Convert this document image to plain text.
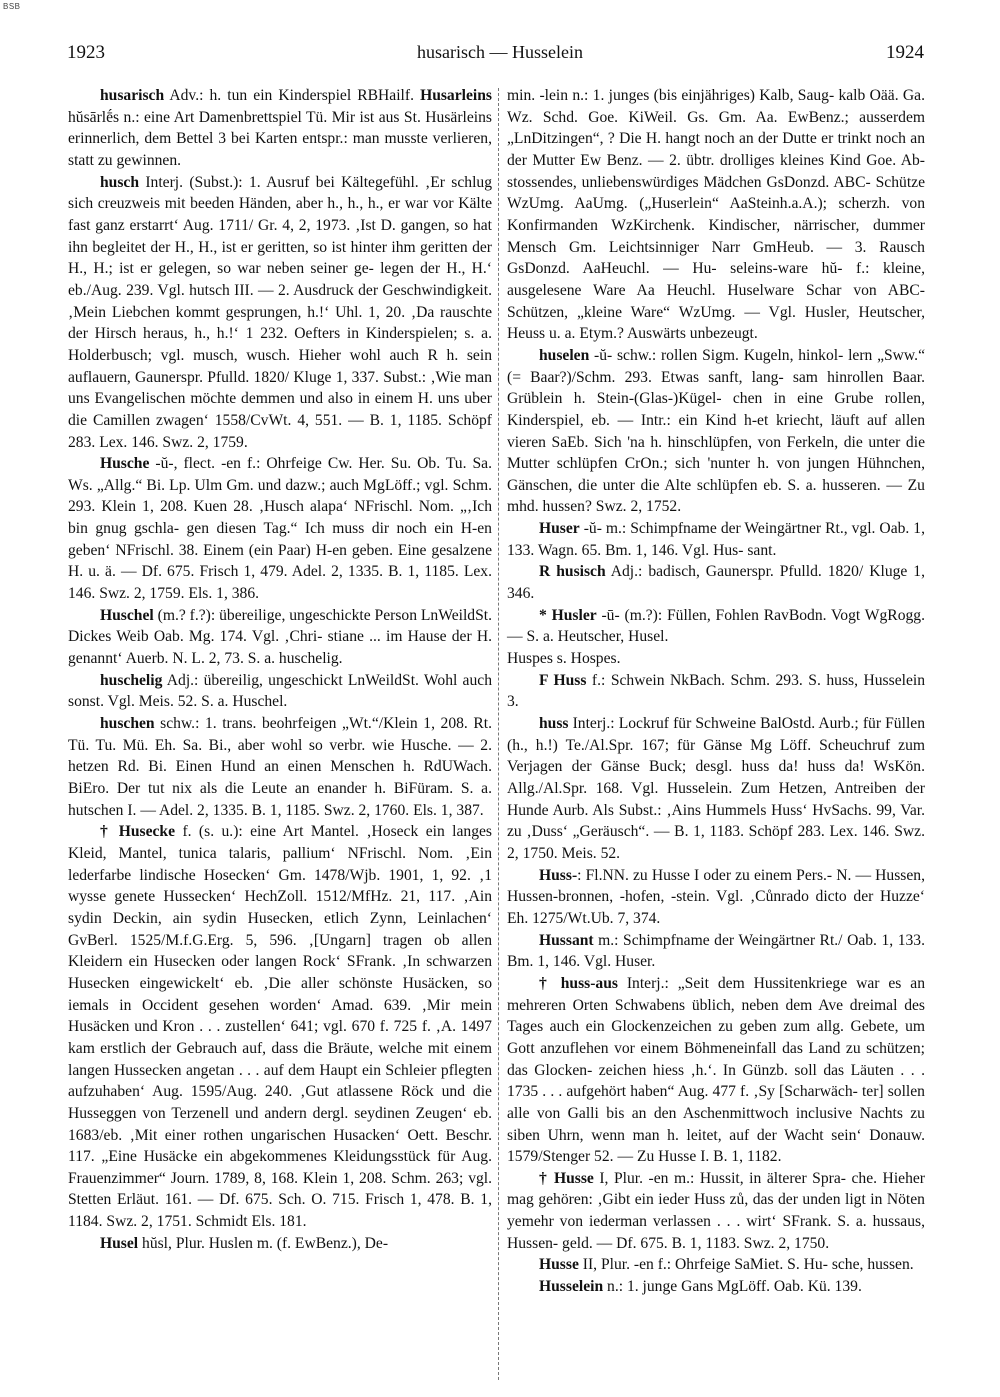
BSB
1923	husarisch — Husselein	1924

husarisch Adv.: h. tun ein Kinderspiel RBHailf. Husarleins hŭsārlḗs n.: eine Art Damenbrettspiel Tü. Mir ist aus St. Husärleins erinnerlich, dem Bettel 3 bei Karten entspr.: man musste verlieren, statt zu gewinnen.

husch Interj. (Subst.): 1. Ausruf bei Kältegefühl. ‚Er schlug sich creuzweis mit beeden Händen, aber h., h., h., er war vor Kälte fast ganz erstarrt‘ Aug. 1711/ Gr. 4, 2, 1973. ‚Ist D. gangen, so hat ihn begleitet der H., H., ist er geritten, so ist hinter ihm geritten der H., H.; ist er gelegen, so war neben seiner ge- legen der H., H.‘ eb./Aug. 239. Vgl. hutsch III. — 2. Ausdruck der Geschwindigkeit. ‚Mein Liebchen kommt gesprungen, h.!‘ Uhl. 1, 20. ‚Da rauschte der Hirsch heraus, h., h.!‘ 1 232. Oefters in Kinderspielen; s. a. Holderbusch; vgl. musch, wusch. Hieher wohl auch R h. sein auflauern, Gaunerspr. Pfulld. 1820/ Kluge 1, 337. Subst.: ‚Wie man uns Evangelischen möchte demmen und also in einem H. uns uber die Camillen zwagen‘ 1558/CvWt. 4, 551. — B. 1, 1185. Schöpf 283. Lex. 146. Swz. 2, 1759.

Husche -ŭ-, flect. -en f.: Ohrfeige Cw. Her. Su. Ob. Tu. Sa. Ws. „Allg.“ Bi. Lp. Ulm Gm. und dazw.; auch MgLöff.; vgl. Schm. 293. Klein 1, 208. Kuen 28. ‚Husch alapa‘ NFrischl. Nom. „‚Ich bin gnug gschla- gen diesen Tag.“ Ich muss dir noch ein H-en geben‘ NFrischl. 38. Einem (ein Paar) H-en geben. Eine gesalzene H. u. ä. — Df. 675. Frisch 1, 479. Adel. 2, 1335. B. 1, 1185. Lex. 146. Swz. 2, 1759. Els. 1, 386.

Huschel (m.? f.?): übereilige, ungeschickte Person LnWeildSt. Dickes Weib Oab. Mg. 174. Vgl. ‚Chri- stiane ... im Hause der H. genannt‘ Auerb. N. L. 2, 73. S. a. huschelig.

huschelig Adj.: übereilig, ungeschickt LnWeildSt. Wohl auch sonst. Vgl. Meis. 52. S. a. Huschel.

huschen schw.: 1. trans. beohrfeigen „Wt.“/Klein 1, 208. Rt. Tü. Tu. Mü. Eh. Sa. Bi., aber wohl so verbr. wie Husche. — 2. hetzen Rd. Bi. Einen Hund an einen Menschen h. RdUWach. BiEro. Der tut nix als die Leute an enander h. BiFüram. S. a. hutschen I. — Adel. 2, 1335. B. 1, 1185. Swz. 2, 1760. Els. 1, 387.

† Husecke f. (s. u.): eine Art Mantel. ‚Hoseck ein langes Kleid, Mantel, tunica talaris, pallium‘ NFrischl. Nom. ‚Ein lederfarbe lindische Hosecken‘ Gm. 1478/Wjb. 1901, 1, 92. ‚1 wysse genete Hussecken‘ HechZoll. 1512/MfHz. 21, 117. ‚Ain sydin Deckin, ain sydin Husecken, etlich Zynn, Leinlachen‘ GvBerl. 1525/M.f.G.Erg. 5, 596. ‚[Ungarn] tragen ob allen Kleidern ein Husecken oder langen Rock‘ SFrank. ‚In schwarzen Husecken eingewickelt‘ eb. ‚Die aller schönste Husäcken, so iemals in Occident gesehen worden‘ Amad. 639. ‚Mir mein Husäcken und Kron . . . zustellen‘ 641; vgl. 670 f. 725 f. ‚A. 1497 kam erstlich der Gebrauch auf, dass die Bräute, welche mit einem langen Hussecken angetan . . . auf dem Haupt ein Schleier pflegten aufzuhaben‘ Aug. 1595/Aug. 240. ‚Gut atlassene Röck und die Husseggen von Terzenell und andern dergl. seydinen Zeugen‘ eb. 1683/eb. ‚Mit einer rothen ungarischen Husacken‘ Oett. Beschr. 117. „Eine Husäcke ein abgekommenes Kleidungsstück für Aug. Frauenzimmer“ Journ. 1789, 8, 168. Klein 1, 208. Schm. 263; vgl. Stetten Erläut. 161. — Df. 675. Sch. O. 715. Frisch 1, 478. B. 1, 1184. Swz. 2, 1751. Schmidt Els. 181.

Husel hŭsl, Plur. Huslen m. (f. EwBenz.), De-

min. -lein n.: 1. junges (bis einjähriges) Kalb, Saug- kalb Oää. Ga. Wz. Schd. Goe. KiWeil. Gs. Gm. Aa. EwBenz.; ausserdem „LnDitzingen“, ? Die H. hangt noch an der Dutte er trinkt noch an der Mutter Ew Benz. — 2. übtr. drolliges kleines Kind Goe. Ab- stossendes, unliebenswürdiges Mädchen GsDonzd. ABC- Schütze WzUmg. AaUmg. („Huserlein“ AaSteinh.a.A.); scherzh. von Konfirmanden WzKirchenk. Kindischer, närrischer, dummer Mensch Gm. Leichtsinniger Narr GmHeub. — 3. Rausch GsDonzd. AaHeuchl. — Hu- seleins-ware hŭ- f.: kleine, ausgelesene Ware Aa Heuchl. Huselware Schar von ABC-Schützen, „kleine Ware“ WzUmg. — Vgl. Husler, Heutscher, Heuss u. a. Etym.? Auswärts unbezeugt.

huselen -ŭ- schw.: rollen Sigm. Kugeln, hinkol- lern „Sww.“ (= Baar?)/Schm. 293. Etwas sanft, lang- sam hinrollen Baar. Grüblein h. Stein-(Glas-)Kügel- chen in eine Grube rollen, Kinderspiel, eb. — Intr.: ein Kind h-et kriecht, läuft auf allen vieren SaEb. Sich 'na h. hinschlüpfen, von Ferkeln, die unter die Mutter schlüpfen CrOn.; sich 'nunter h. von jungen Hühnchen, Gänschen, die unter die Alte schlüpfen eb. S. a. husseren. — Zu mhd. hussen? Swz. 2, 1752.

Huser -ŭ- m.: Schimpfname der Weingärtner Rt., vgl. Oab. 1, 133. Wagn. 65. Bm. 1, 146. Vgl. Hus- sant.

R husisch Adj.: badisch, Gaunerspr. Pfulld. 1820/ Kluge 1, 346.

* Husler -ū- (m.?): Füllen, Fohlen RavBodn. Vogt WgRogg. — S. a. Heutscher, Husel.

Huspes s. Hospes.

F Huss f.: Schwein NkBach. Schm. 293. S. huss, Husselein 3.

huss Interj.: Lockruf für Schweine BalOstd. Aurb.; für Füllen (h., h.!) Te./Al.Spr. 167; für Gänse Mg Löff. Scheuchruf zum Verjagen der Gänse Buck; desgl. huss da! huss da! WsKön. Allg./Al.Spr. 168. Vgl. Husselein. Zum Hetzen, Antreiben der Hunde Aurb. Als Subst.: ‚Ains Hummels Huss‘ HvSachs. 99, Var. zu ‚Duss‘ „Geräusch“. — B. 1, 1183. Schöpf 283. Lex. 146. Swz. 2, 1750. Meis. 52.

Huss-: Fl.NN. zu Husse I oder zu einem Pers.- N. — Hussen, Hussen-bronnen, -hofen, -stein. Vgl. ‚Cůnrado dicto der Huzze‘ Eh. 1275/Wt.Ub. 7, 374.

Hussant m.: Schimpfname der Weingärtner Rt./ Oab. 1, 133. Bm. 1, 146. Vgl. Huser.

† huss-aus Interj.: „Seit dem Hussitenkriege war es an mehreren Orten Schwabens üblich, neben dem Ave dreimal des Tages auch ein Glockenzeichen zu geben zum allg. Gebete, um Gott anzuflehen vor einem Böhmeneinfall das Land zu schützen; das Glocken- zeichen hiess ‚h.‘. In Günzb. soll das Läuten . . . 1735 . . . aufgehört haben“ Aug. 477 f. ‚Sy [Scharwäch- ter] sollen alle von Galli bis an den Aschenmittwoch inclusive Nachts zu siben Uhrn, wenn man h. leitet, auf der Wacht sein‘ Donauw. 1579/Stenger 52. — Zu Husse I. B. 1, 1182.

† Husse I, Plur. -en m.: Hussit, in älterer Spra- che. Hieher mag gehören: ‚Gibt ein ieder Huss zů, das der unden ligt in Nöten yemehr von iederman verlassen . . . wirt‘ SFrank. S. a. hussaus, Hussen- geld. — Df. 675. B. 1, 1183. Swz. 2, 1750.

Husse II, Plur. -en f.: Ohrfeige SaMiet. S. Hu- sche, hussen.

Husselein n.: 1. junge Gans MgLöff. Oab. Kü. 139.
